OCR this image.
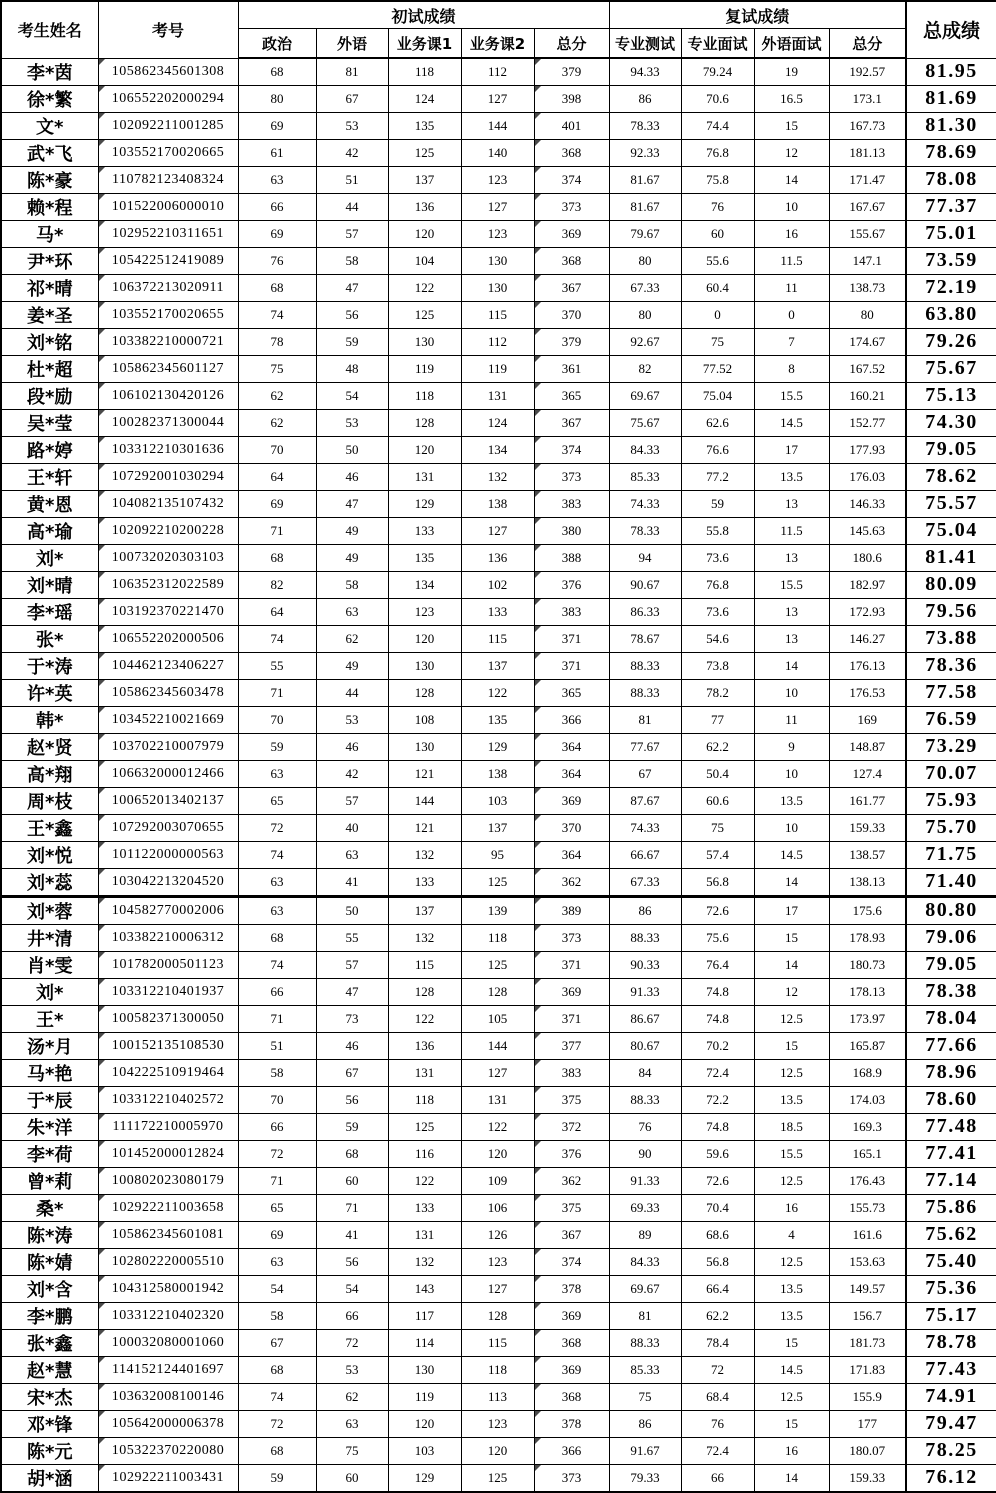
考生姓名	考号	初试成绩					复试成绩				总成绩
		政治	外语	业务课1	业务课2	总分	专业测试	专业面试	外语面试	总分	
李*茵	105862345601308	68	81	118	112	379	94.33	79.24	19	192.57	81.95
徐*繁	106552202000294	80	67	124	127	398	86	70.6	16.5	173.1	81.69
文*	102092211001285	69	53	135	144	401	78.33	74.4	15	167.73	81.30
武*飞	103552170020665	61	42	125	140	368	92.33	76.8	12	181.13	78.69
陈*豪	110782123408324	63	51	137	123	374	81.67	75.8	14	171.47	78.08
赖*程	101522006000010	66	44	136	127	373	81.67	76	10	167.67	77.37
马*	102952210311651	69	57	120	123	369	79.67	60	16	155.67	75.01
尹*环	105422512419089	76	58	104	130	368	80	55.6	11.5	147.1	73.59
祁*晴	106372213020911	68	47	122	130	367	67.33	60.4	11	138.73	72.19
姜*圣	103552170020655	74	56	125	115	370	80	0	0	80	63.80
刘*铭	103382210000721	78	59	130	112	379	92.67	75	7	174.67	79.26
杜*超	105862345601127	75	48	119	119	361	82	77.52	8	167.52	75.67
段*励	106102130420126	62	54	118	131	365	69.67	75.04	15.5	160.21	75.13
吴*莹	100282371300044	62	53	128	124	367	75.67	62.6	14.5	152.77	74.30
路*婷	103312210301636	70	50	120	134	374	84.33	76.6	17	177.93	79.05
王*轩	107292001030294	64	46	131	132	373	85.33	77.2	13.5	176.03	78.62
黄*恩	104082135107432	69	47	129	138	383	74.33	59	13	146.33	75.57
高*瑜	102092210200228	71	49	133	127	380	78.33	55.8	11.5	145.63	75.04
刘*	100732020303103	68	49	135	136	388	94	73.6	13	180.6	81.41
刘*晴	106352312022589	82	58	134	102	376	90.67	76.8	15.5	182.97	80.09
李*瑶	103192370221470	64	63	123	133	383	86.33	73.6	13	172.93	79.56
张*	106552202000506	74	62	120	115	371	78.67	54.6	13	146.27	73.88
于*涛	104462123406227	55	49	130	137	371	88.33	73.8	14	176.13	78.36
许*英	105862345603478	71	44	128	122	365	88.33	78.2	10	176.53	77.58
韩*	103452210021669	70	53	108	135	366	81	77	11	169	76.59
赵*贤	103702210007979	59	46	130	129	364	77.67	62.2	9	148.87	73.29
高*翔	106632000012466	63	42	121	138	364	67	50.4	10	127.4	70.07
周*枝	100652013402137	65	57	144	103	369	87.67	60.6	13.5	161.77	75.93
王*鑫	107292003070655	72	40	121	137	370	74.33	75	10	159.33	75.70
刘*悦	101122000000563	74	63	132	95	364	66.67	57.4	14.5	138.57	71.75
刘*蕊	103042213204520	63	41	133	125	362	67.33	56.8	14	138.13	71.40
刘*蓉	104582770002006	63	50	137	139	389	86	72.6	17	175.6	80.80
井*清	103382210006312	68	55	132	118	373	88.33	75.6	15	178.93	79.06
肖*雯	101782000501123	74	57	115	125	371	90.33	76.4	14	180.73	79.05
刘*	103312210401937	66	47	128	128	369	91.33	74.8	12	178.13	78.38
王*	100582371300050	71	73	122	105	371	86.67	74.8	12.5	173.97	78.04
汤*月	100152135108530	51	46	136	144	377	80.67	70.2	15	165.87	77.66
马*艳	104222510919464	58	67	131	127	383	84	72.4	12.5	168.9	78.96
于*辰	103312210402572	70	56	118	131	375	88.33	72.2	13.5	174.03	78.60
朱*洋	111172210005970	66	59	125	122	372	76	74.8	18.5	169.3	77.48
李*荷	101452000012824	72	68	116	120	376	90	59.6	15.5	165.1	77.41
曾*莉	100802023080179	71	60	122	109	362	91.33	72.6	12.5	176.43	77.14
桑*	102922211003658	65	71	133	106	375	69.33	70.4	16	155.73	75.86
陈*涛	105862345601081	69	41	131	126	367	89	68.6	4	161.6	75.62
陈*婧	102802220005510	63	56	132	123	374	84.33	56.8	12.5	153.63	75.40
刘*含	104312580001942	54	54	143	127	378	69.67	66.4	13.5	149.57	75.36
李*鹏	103312210402320	58	66	117	128	369	81	62.2	13.5	156.7	75.17
张*鑫	100032080001060	67	72	114	115	368	88.33	78.4	15	181.73	78.78
赵*慧	114152124401697	68	53	130	118	369	85.33	72	14.5	171.83	77.43
宋*杰	103632008100146	74	62	119	113	368	75	68.4	12.5	155.9	74.91
邓*锋	105642000006378	72	63	120	123	378	86	76	15	177	79.47
陈*元	105322370220080	68	75	103	120	366	91.67	72.4	16	180.07	78.25
胡*涵	102922211003431	59	60	129	125	373	79.33	66	14	159.33	76.12
